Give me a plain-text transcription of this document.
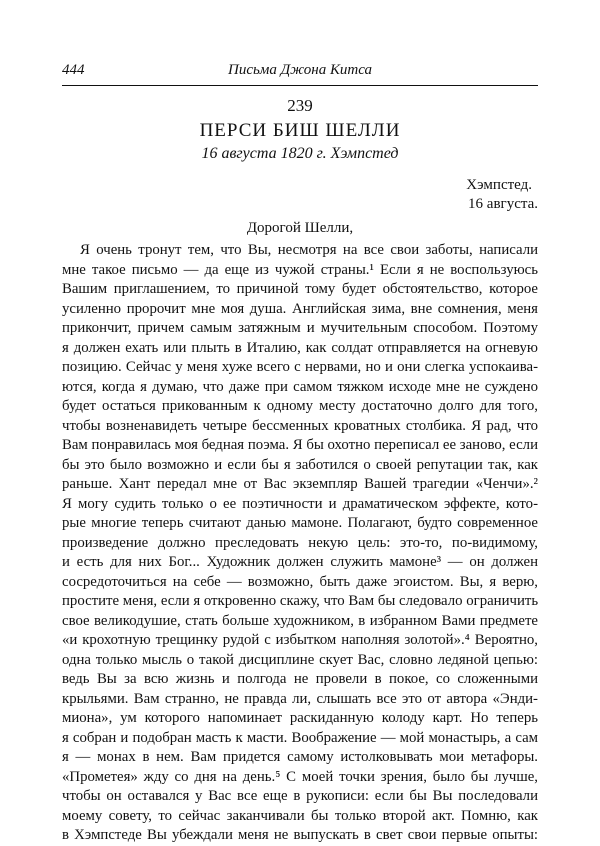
444	Письма Джона Китса
239
ПЕРСИ БИШ ШЕЛЛИ
16 августа 1820 г. Хэмпстед
Хэмпстед.
16 августа.
Дорогой Шелли,
Я очень тронут тем, что Вы, несмотря на все свои заботы, написали
мне такое письмо — да еще из чужой страны.¹ Если я не воспользуюсь
Вашим приглашением, то причиной тому будет обстоятельство, которое
усиленно пророчит мне моя душа. Английская зима, вне сомнения, меня
прикончит, причем самым затяжным и мучительным способом. Поэтому
я должен ехать или плыть в Италию, как солдат отправляется на огневую
позицию. Сейчас у меня хуже всего с нервами, но и они слегка успокаива-
ются, когда я думаю, что даже при самом тяжком исходе мне не суждено
будет остаться прикованным к одному месту достаточно долго для того,
чтобы возненавидеть четыре бессменных кроватных столбика. Я рад, что
Вам понравилась моя бедная поэма. Я бы охотно переписал ее заново, если
бы это было возможно и если бы я заботился о своей репутации так, как
раньше. Хант передал мне от Вас экземпляр Вашей трагедии «Ченчи».²
Я могу судить только о ее поэтичности и драматическом эффекте, кото-
рые многие теперь считают данью мамоне. Полагают, будто современное
произведение должно преследовать некую цель: это-то, по-видимому,
и есть для них Бог... Художник должен служить мамоне³ — он должен
сосредоточиться на себе — возможно, быть даже эгоистом. Вы, я верю,
простите меня, если я откровенно скажу, что Вам бы следовало ограничить
свое великодушие, стать больше художником, в избранном Вами предмете
«и крохотную трещинку рудой с избытком наполняя золотой».⁴ Вероятно,
одна только мысль о такой дисциплине скует Вас, словно ледяной цепью:
ведь Вы за всю жизнь и полгода не провели в покое, со сложенными
крыльями. Вам странно, не правда ли, слышать все это от автора «Энди-
миона», ум которого напоминает раскиданную колоду карт. Но теперь
я собран и подобран масть к масти. Воображение — мой монастырь, а сам
я — монах в нем. Вам придется самому истолковывать мои метафоры.
«Прометея» жду со дня на день.⁵ С моей точки зрения, было бы лучше,
чтобы он оставался у Вас все еще в рукописи: если бы Вы последовали
моему совету, то сейчас заканчивали бы только второй акт. Помню, как
в Хэмпстеде Вы убеждали меня не выпускать в свет свои первые опыты:
